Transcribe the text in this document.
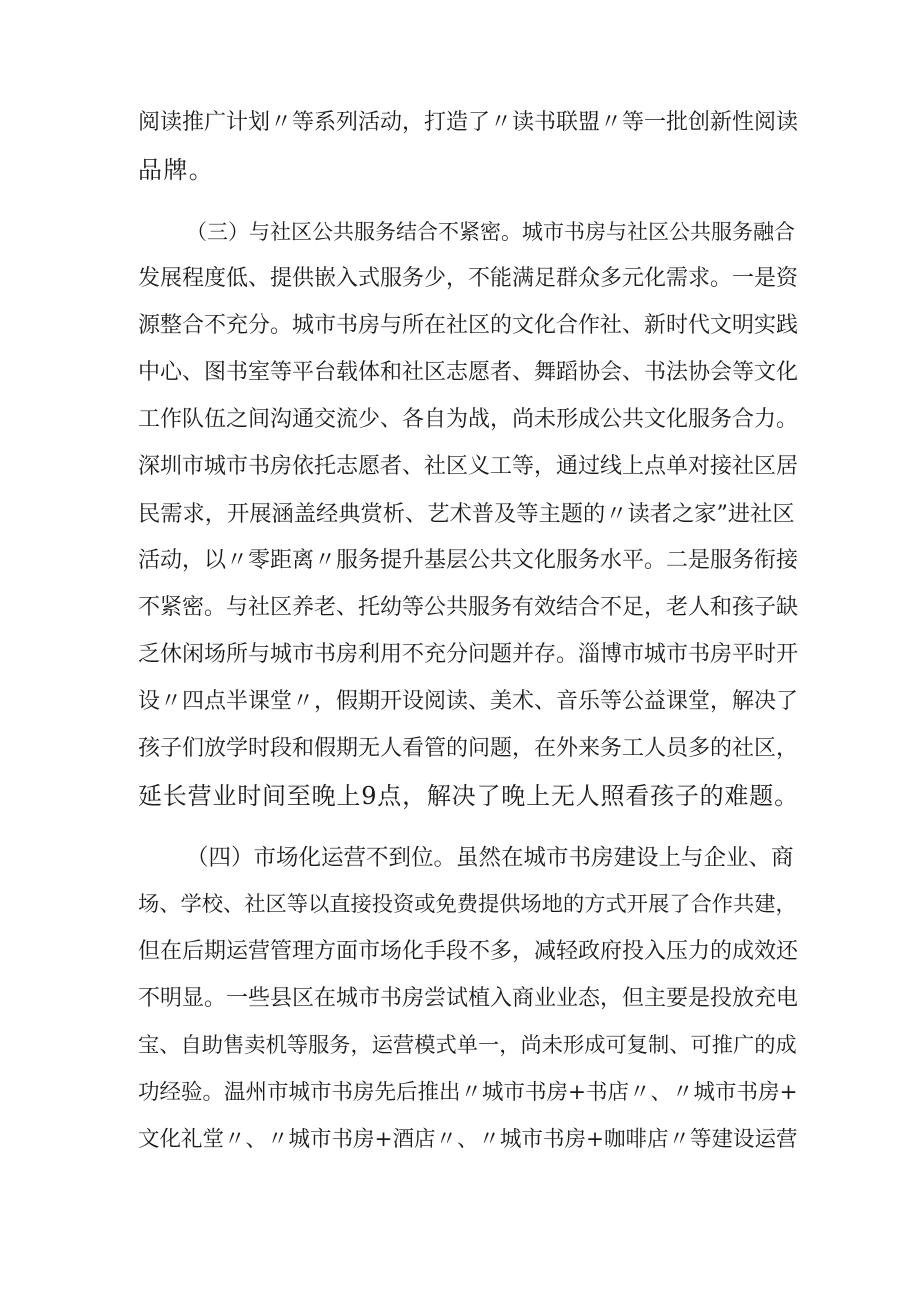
阅读推广计划〃等系列活动，打造了〃读书联盟〃等一批创新性阅读
品牌。
（三）与社区公共服务结合不紧密。城市书房与社区公共服务融合
发展程度低、提供嵌入式服务少，不能满足群众多元化需求。一是资
源整合不充分。城市书房与所在社区的文化合作社、新时代文明实践
中心、图书室等平台载体和社区志愿者、舞蹈协会、书法协会等文化
工作队伍之间沟通交流少、各自为战，尚未形成公共文化服务合力。
深圳市城市书房依托志愿者、社区义工等，通过线上点单对接社区居
民需求，开展涵盖经典赏析、艺术普及等主题的〃读者之家”进社区
活动，以〃零距离〃服务提升基层公共文化服务水平。二是服务衔接
不紧密。与社区养老、托幼等公共服务有效结合不足，老人和孩子缺
乏休闲场所与城市书房利用不充分问题并存。淄博市城市书房平时开
设〃四点半课堂〃，假期开设阅读、美术、音乐等公益课堂，解决了
孩子们放学时段和假期无人看管的问题，在外来务工人员多的社区，
延长营业时间至晚上9点，解决了晚上无人照看孩子的难题。
（四）市场化运营不到位。虽然在城市书房建设上与企业、商
场、学校、社区等以直接投资或免费提供场地的方式开展了合作共建，
但在后期运营管理方面市场化手段不多，减轻政府投入压力的成效还
不明显。一些县区在城市书房尝试植入商业业态，但主要是投放充电
宝、自助售卖机等服务，运营模式单一，尚未形成可复制、可推广的成
功经验。温州市城市书房先后推出〃城市书房+书店〃、〃城市书房+
文化礼堂〃、〃城市书房+酒店〃、〃城市书房+咖啡店〃等建设运营
